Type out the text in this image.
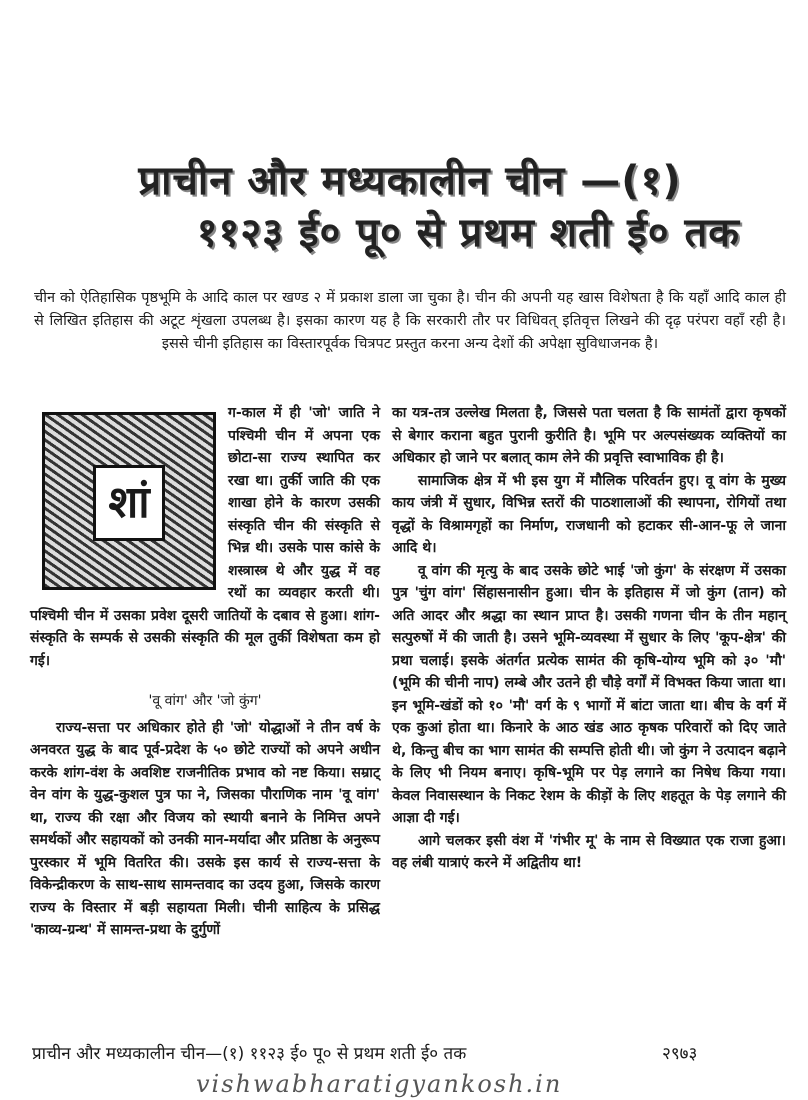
प्राचीन और मध्यकालीन चीन —(१)
११२३ ई० पू० से प्रथम शती ई० तक
चीन को ऐतिहासिक पृष्ठभूमि के आदि काल पर खण्ड २ में प्रकाश डाला जा चुका है। चीन की अपनी यह खास विशेषता है कि यहाँ आदि काल ही से लिखित इतिहास की अटूट शृंखला उपलब्ध है। इसका कारण यह है कि सरकारी तौर पर विधिवत् इतिवृत्त लिखने की दृढ़ परंपरा वहाँ रही है। इससे चीनी इतिहास का विस्तारपूर्वक चित्रपट प्रस्तुत करना अन्य देशों की अपेक्षा सुविधाजनक है।
शां

ग-काल में ही 'जो' जाति ने पश्चिमी चीन में अपना एक छोटा-सा राज्य स्थापित कर रखा था। तुर्की जाति की एक शाखा होने के कारण उसकी संस्कृति चीन की संस्कृति से भिन्न थी। उसके पास कांसे के शस्त्रास्त्र थे और युद्ध में वह रथों का व्यवहार करती थी। पश्चिमी चीन में उसका प्रवेश दूसरी जातियों के दबाव से हुआ। शांग-संस्कृति के सम्पर्क से उसकी संस्कृति की मूल तुर्की विशेषता कम हो गई।

'वू वांग' और 'जो कुंग'

राज्य-सत्ता पर अधिकार होते ही 'जो' योद्धाओं ने तीन वर्ष के अनवरत युद्ध के बाद पूर्व-प्रदेश के ५० छोटे राज्यों को अपने अधीन करके शांग-वंश के अवशिष्ट राजनीतिक प्रभाव को नष्ट किया। सम्राट् वेन वांग के युद्ध-कुशल पुत्र फा ने, जिसका पौराणिक नाम 'वू वांग' था, राज्य की रक्षा और विजय को स्थायी बनाने के निमित्त अपने समर्थकों और सहायकों को उनकी मान-मर्यादा और प्रतिष्ठा के अनुरूप पुरस्कार में भूमि वितरित की। उसके इस कार्य से राज्य-सत्ता के विकेन्द्रीकरण के साथ-साथ सामन्तवाद का उदय हुआ, जिसके कारण राज्य के विस्तार में बड़ी सहायता मिली। चीनी साहित्य के प्रसिद्ध 'काव्य-ग्रन्थ' में सामन्त-प्रथा के दुर्गुणों

का यत्र-तत्र उल्लेख मिलता है, जिससे पता चलता है कि सामंतों द्वारा कृषकों से बेगार कराना बहुत पुरानी कुरीति है। भूमि पर अल्पसंख्यक व्यक्तियों का अधिकार हो जाने पर बलात् काम लेने की प्रवृत्ति स्वाभाविक ही है।

सामाजिक क्षेत्र में भी इस युग में मौलिक परिवर्तन हुए। वू वांग के मुख्य काय जंत्री में सुधार, विभिन्न स्तरों की पाठशालाओं की स्थापना, रोगियों तथा वृद्धों के विश्रामगृहों का निर्माण, राजधानी को हटाकर सी-आन-फू ले जाना आदि थे।

वू वांग की मृत्यु के बाद उसके छोटे भाई 'जो कुंग' के संरक्षण में उसका पुत्र 'चुंग वांग' सिंहासनासीन हुआ। चीन के इतिहास में जो कुंग (तान) को अति आदर और श्रद्धा का स्थान प्राप्त है। उसकी गणना चीन के तीन महान् सत्पुरुषों में की जाती है। उसने भूमि-व्यवस्था में सुधार के लिए 'कूप-क्षेत्र' की प्रथा चलाई। इसके अंतर्गत प्रत्येक सामंत की कृषि-योग्य भूमि को ३० 'मौ' (भूमि की चीनी नाप) लम्बे और उतने ही चौड़े वर्गों में विभक्त किया जाता था। इन भूमि-खंडों को १० 'मौ' वर्ग के ९ भागों में बांटा जाता था। बीच के वर्ग में एक कुआं होता था। किनारे के आठ खंड आठ कृषक परिवारों को दिए जाते थे, किन्तु बीच का भाग सामंत की सम्पत्ति होती थी। जो कुंग ने उत्पादन बढ़ाने के लिए भी नियम बनाए। कृषि-भूमि पर पेड़ लगाने का निषेध किया गया। केवल निवासस्थान के निकट रेशम के कीड़ों के लिए शहतूत के पेड़ लगाने की आज्ञा दी गई।

आगे चलकर इसी वंश में 'गंभीर मू' के नाम से विख्यात एक राजा हुआ। वह लंबी यात्राएं करने में अद्वितीय था!

प्राचीन और मध्यकालीन चीन—(१) ११२३ ई० पू० से प्रथम शती ई० तक	२९७३
vishwabharatigyankosh.in
